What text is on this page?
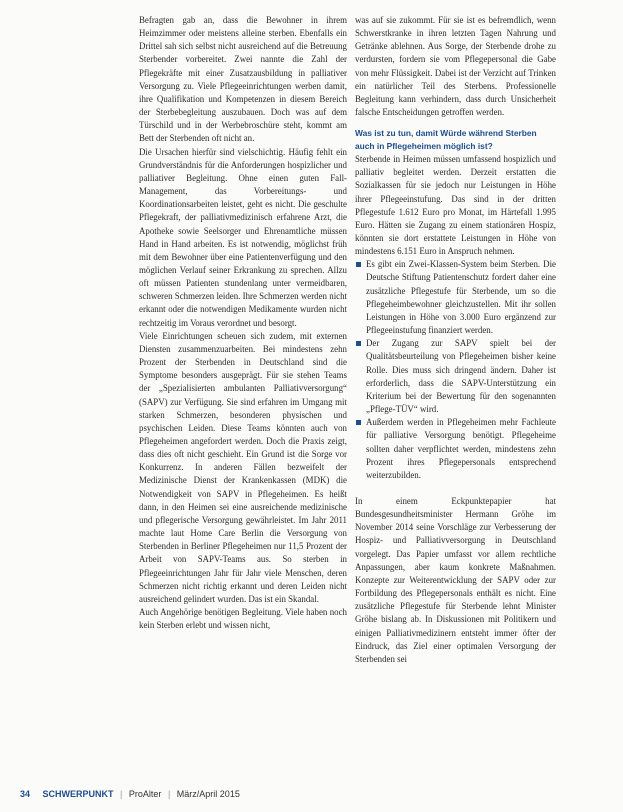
Befragten gab an, dass die Bewohner in ihrem Heimzimmer oder meistens alleine sterben. Ebenfalls ein Drittel sah sich selbst nicht ausreichend auf die Betreuung Sterbender vorbereitet. Zwei nannte die Zahl der Pflegekräfte mit einer Zusatzausbildung in palliativer Versorgung zu. Viele Pflegeeinrichtungen werben damit, ihre Qualifikation und Kompetenzen in diesem Bereich der Sterbebegleitung auszubauen. Doch was auf dem Türschild und in der Werbebroschüre steht, kommt am Bett der Sterbenden oft nicht an.

Die Ursachen hierfür sind vielschichtig. Häufig fehlt ein Grundverständnis für die Anforderungen hospizlicher und palliativer Begleitung. Ohne einen guten Fall-Management, das Vorbereitungs- und Koordinationsarbeiten leistet, geht es nicht. Die geschulte Pflegekraft, der palliativmedizinisch erfahrene Arzt, die Apotheke sowie Seelsorger und Ehrenamtliche müssen Hand in Hand arbeiten. Es ist notwendig, möglichst früh mit dem Bewohner über eine Patientenverfügung und den möglichen Verlauf seiner Erkrankung zu sprechen. Allzu oft müssen Patienten stundenlang unter vermeidbaren, schweren Schmerzen leiden. Ihre Schmerzen werden nicht erkannt oder die notwendigen Medikamente wurden nicht rechtzeitig im Voraus verordnet und besorgt.

Viele Einrichtungen scheuen sich zudem, mit externen Diensten zusammenzuarbeiten. Bei mindestens zehn Prozent der Sterbenden in Deutschland sind die Symptome besonders ausgeprägt. Für sie stehen Teams der „Spezialisierten ambulanten Palliativversorgung“ (SAPV) zur Verfügung. Sie sind erfahren im Umgang mit starken Schmerzen, besonderen physischen und psychischen Leiden. Diese Teams könnten auch von Pflegeheimen angefordert werden. Doch die Praxis zeigt, dass dies oft nicht geschieht. Ein Grund ist die Sorge vor Konkurrenz. In anderen Fällen bezweifelt der Medizinische Dienst der Krankenkassen (MDK) die Notwendigkeit von SAPV in Pflegeheimen. Es heißt dann, in den Heimen sei eine ausreichende medizinische und pflegerische Versorgung gewährleistet. Im Jahr 2011 machte laut Home Care Berlin die Versorgung von Sterbenden in Berliner Pflegeheimen nur 11,5 Prozent der Arbeit von SAPV-Teams aus. So sterben in Pflegeeinrichtungen Jahr für Jahr viele Menschen, deren Schmerzen nicht richtig erkannt und deren Leiden nicht ausreichend gelindert wurden. Das ist ein Skandal.

Auch Angehörige benötigen Begleitung. Viele haben noch kein Sterben erlebt und wissen nicht,

was auf sie zukommt. Für sie ist es befremdlich, wenn Schwerstkranke in ihren letzten Tagen Nahrung und Getränke ablehnen. Aus Sorge, der Sterbende drohe zu verdursten, fordern sie vom Pflegepersonal die Gabe von mehr Flüssigkeit. Dabei ist der Verzicht auf Trinken ein natürlicher Teil des Sterbens. Professionelle Begleitung kann verhindern, dass durch Unsicherheit falsche Entscheidungen getroffen werden.

Was ist zu tun, damit Würde während Sterben auch in Pflegeheimen möglich ist?

Sterbende in Heimen müssen umfassend hospizlich und palliativ begleitet werden. Derzeit erstatten die Sozialkassen für sie jedoch nur Leistungen in Höhe ihrer Pflegeeinstufung. Das sind in der dritten Pflegestufe 1.612 Euro pro Monat, im Härtefall 1.995 Euro. Hätten sie Zugang zu einem stationären Hospiz, könnten sie dort erstattete Leistungen in Höhe von mindestens 6.151 Euro in Anspruch nehmen.

Es gibt ein Zwei-Klassen-System beim Sterben. Die Deutsche Stiftung Patientenschutz fordert daher eine zusätzliche Pflegestufe für Sterbende, um so die Pflegeheimbewohner gleichzustellen. Mit ihr sollen Leistungen in Höhe von 3.000 Euro ergänzend zur Pflegeeinstufung finanziert werden.
Der Zugang zur SAPV spielt bei der Qualitätsbeurteilung von Pflegeheimen bisher keine Rolle. Dies muss sich dringend ändern. Daher ist erforderlich, dass die SAPV-Unterstützung ein Kriterium bei der Bewertung für den sogenannten „Pflege-TÜV“ wird.
Außerdem werden in Pflegeheimen mehr Fachleute für palliative Versorgung benötigt. Pflegeheime sollten daher verpflichtet werden, mindestens zehn Prozent ihres Pflegepersonals entsprechend weiterzubilden.

In einem Eckpunktepapier hat Bundesgesundheitsminister Hermann Gröhe im November 2014 seine Vorschläge zur Verbesserung der Hospiz- und Palliativversorgung in Deutschland vorgelegt. Das Papier umfasst vor allem rechtliche Anpassungen, aber kaum konkrete Maßnahmen. Konzepte zur Weiterentwicklung der SAPV oder zur Fortbildung des Pflegepersonals enthält es nicht. Eine zusätzliche Pflegestufe für Sterbende lehnt Minister Gröhe bislang ab. In Diskussionen mit Politikern und einigen Palliativmedizinern entsteht immer öfter der Eindruck, das Ziel einer optimalen Versorgung der Sterbenden sei

34 SCHWERPUNKT | ProAlter | März/April 2015
